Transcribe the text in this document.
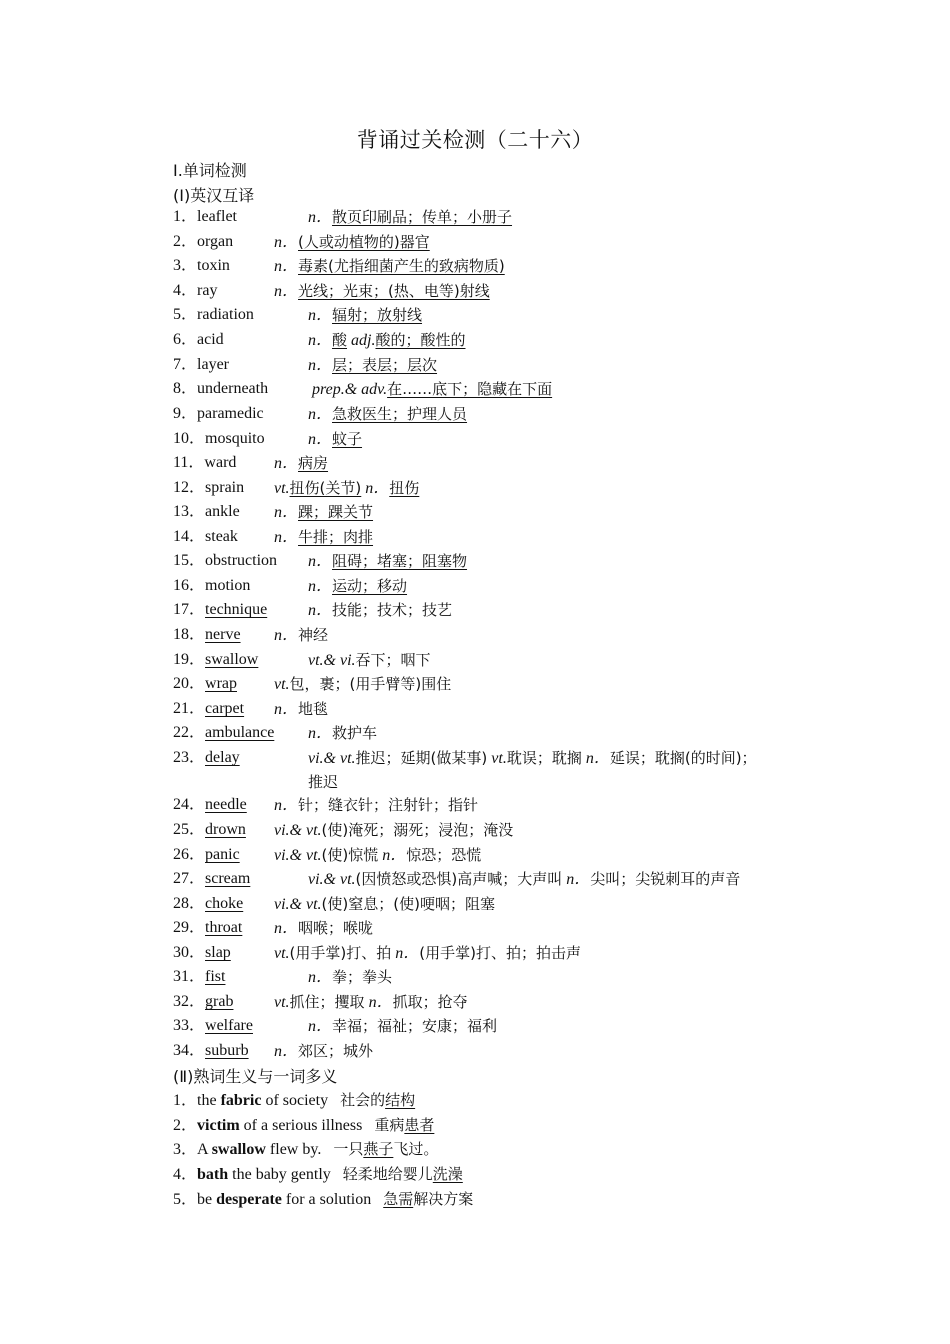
背诵过关检测（二十六）
I.单词检测
(I)英汉互译
1．leaflet	n．散页印刷品；传单；小册子
2．organ	n．(人或动植物的)器官
3．toxin	n．毒素(尤指细菌产生的致病物质)
4．ray	n．光线；光束；(热、电等)射线
5．radiation	n．辐射；放射线
6．acid	n．酸 adj.酸的；酸性的
7．layer	n．层；表层；层次
8．underneath	prep.& adv.在……底下；隐藏在下面
9．paramedic	n．急救医生；护理人员
10．mosquito	n．蚊子
11．ward n．病房
12．sprain vt.扭伤(关节) n．扭伤
13．ankle n．踝；踝关节
14．steak n．牛排；肉排
15．obstruction n．阻碍；堵塞；阻塞物
16．motion	n．运动；移动
17．technique	n．技能；技术；技艺
18．nerve n．神经
19．swallow	vt.& vi.吞下；咽下
20．wrap vt.包，裹；(用手臂等)围住
21．carpet n．地毯
22．ambulance n．救护车
23．delay	vi.& vt.推迟；延期(做某事) vt.耽误；耽搁 n．延误；耽搁(的时间)；
推迟
24．needle n．针；缝衣针；注射针；指针
25．drown vi.& vt.(使)淹死；溺死；浸泡；淹没
26．panic vi.& vt.(使)惊慌 n．惊恐；恐慌
27．scream	vi.& vt.(因愤怒或恐惧)高声喊；大声叫 n．尖叫；尖锐刺耳的声音
28．choke vi.& vt.(使)窒息；(使)哽咽；阻塞
29．throat n．咽喉；喉咙
30．slap	vt.(用手掌)打、拍 n．(用手掌)打、拍；拍击声
31．fist	n．拳；拳头
32．grab	vt.抓住；攫取 n．抓取；抢夺
33．welfare	n．幸福；福祉；安康；福利
34．suburb n．郊区；城外
(Ⅱ)熟词生义与一词多义
1．the fabric of society 社会的结构
2．victim of a serious illness 重病患者
3．A swallow flew by. 一只燕子飞过。
4．bath the baby gently 轻柔地给婴儿洗澡
5．be desperate for a solution 急需解决方案
